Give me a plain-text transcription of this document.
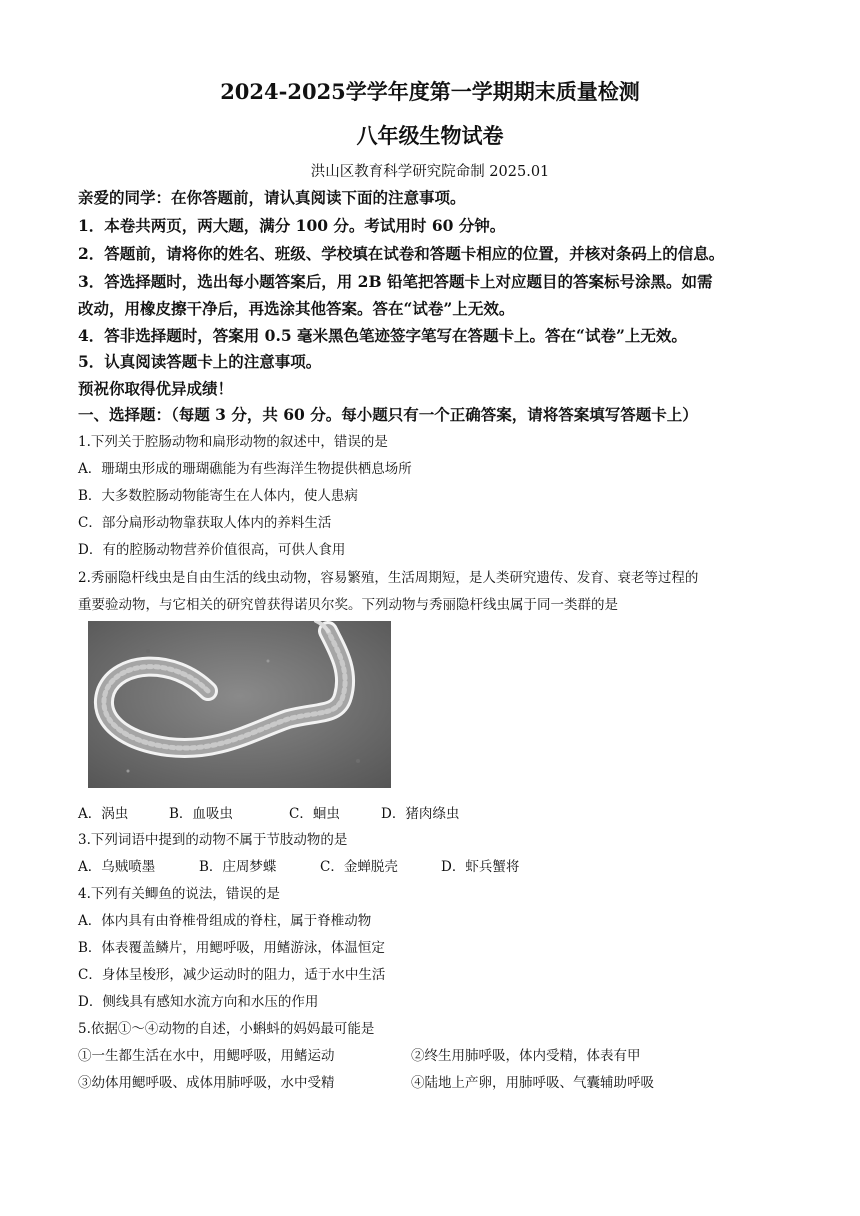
2024-2025学学年度第一学期期末质量检测
八年级生物试卷
洪山区教育科学研究院命制 2025.01
亲爱的同学：在你答题前，请认真阅读下面的注意事项。
1．本卷共两页，两大题，满分 100 分。考试用时 60 分钟。
2．答题前，请将你的姓名、班级、学校填在试卷和答题卡相应的位置，并核对条码上的信息。
3．答选择题时，选出每小题答案后，用 2B 铅笔把答题卡上对应题目的答案标号涂黑。如需
改动，用橡皮擦干净后，再选涂其他答案。答在“试卷”上无效。
4．答非选择题时，答案用 0.5 毫米黑色笔迹签字笔写在答题卡上。答在“试卷”上无效。
5．认真阅读答题卡上的注意事项。
预祝你取得优异成绩！
一、选择题：（每题 3 分，共 60 分。每小题只有一个正确答案，请将答案填写答题卡上）
1.下列关于腔肠动物和扁形动物的叙述中，错误的是
A．珊瑚虫形成的珊瑚礁能为有些海洋生物提供栖息场所
B．大多数腔肠动物能寄生在人体内，使人患病
C．部分扁形动物靠获取人体内的养料生活
D．有的腔肠动物营养价值很高，可供人食用
2.秀丽隐杆线虫是自由生活的线虫动物，容易繁殖，生活周期短，是人类研究遗传、发育、衰老等过程的
重要验动物，与它相关的研究曾获得诺贝尔奖。下列动物与秀丽隐杆线虫属于同一类群的是
A．涡虫	B．血吸虫	C．蛔虫	D．猪肉绦虫
3.下列词语中提到的动物不属于节肢动物的是
A．乌贼喷墨	B．庄周梦蝶	C．金蝉脱壳	D．虾兵蟹将
4.下列有关鲫鱼的说法，错误的是
A．体内具有由脊椎骨组成的脊柱，属于脊椎动物
B．体表覆盖鳞片，用鳃呼吸，用鳍游泳，体温恒定
C．身体呈梭形，减少运动时的阻力，适于水中生活
D．侧线具有感知水流方向和水压的作用
5.依据①～④动物的自述，小蝌蚪的妈妈最可能是
①一生都生活在水中，用鳃呼吸，用鳍运动	②终生用肺呼吸，体内受精，体表有甲
③幼体用鳃呼吸、成体用肺呼吸，水中受精	④陆地上产卵，用肺呼吸、气囊辅助呼吸
